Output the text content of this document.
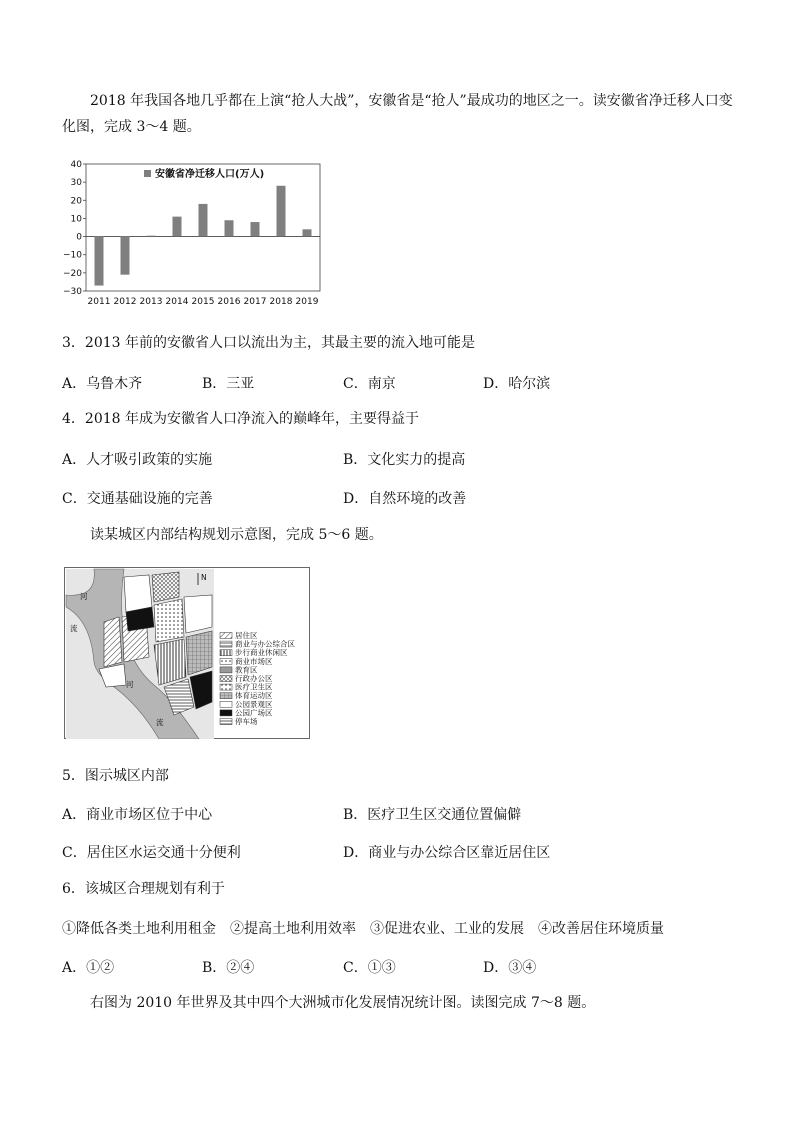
2018 年我国各地几乎都在上演“抢人大战”，安徽省是“抢人”最成功的地区之一。读安徽省净迁移人口变化图，完成 3～4 题。
安徽省净迁移人口(万人)
40
30
20
10
0
−10
−20
−30
2011 2012 2013 2014 2015 2016 2017 2018 2019
3．2013 年前的安徽省人口以流出为主，其最主要的流入地可能是
A．乌鲁木齐	B．三亚	C．南京	D．哈尔滨
4．2018 年成为安徽省人口净流入的巅峰年，主要得益于
A．人才吸引政策的实施	B．文化实力的提高
C．交通基础设施的完善	D．自然环境的改善
读某城区内部结构规划示意图，完成 5～6 题。
河
流
河
流
N
居住区
商业与办公综合区
步行商业休闲区
商业市场区
教育区
行政办公区
医疗卫生区
体育运动区
公园景观区
公园广场区
停车场
5．图示城区内部
A．商业市场区位于中心	B．医疗卫生区交通位置偏僻
C．居住区水运交通十分便利	D．商业与办公综合区靠近居住区
6．该城区合理规划有利于
①降低各类土地利用租金　②提高土地利用效率　③促进农业、工业的发展　④改善居住环境质量
A．①②	B．②④	C．①③	D．③④
右图为 2010 年世界及其中四个大洲城市化发展情况统计图。读图完成 7～8 题。
